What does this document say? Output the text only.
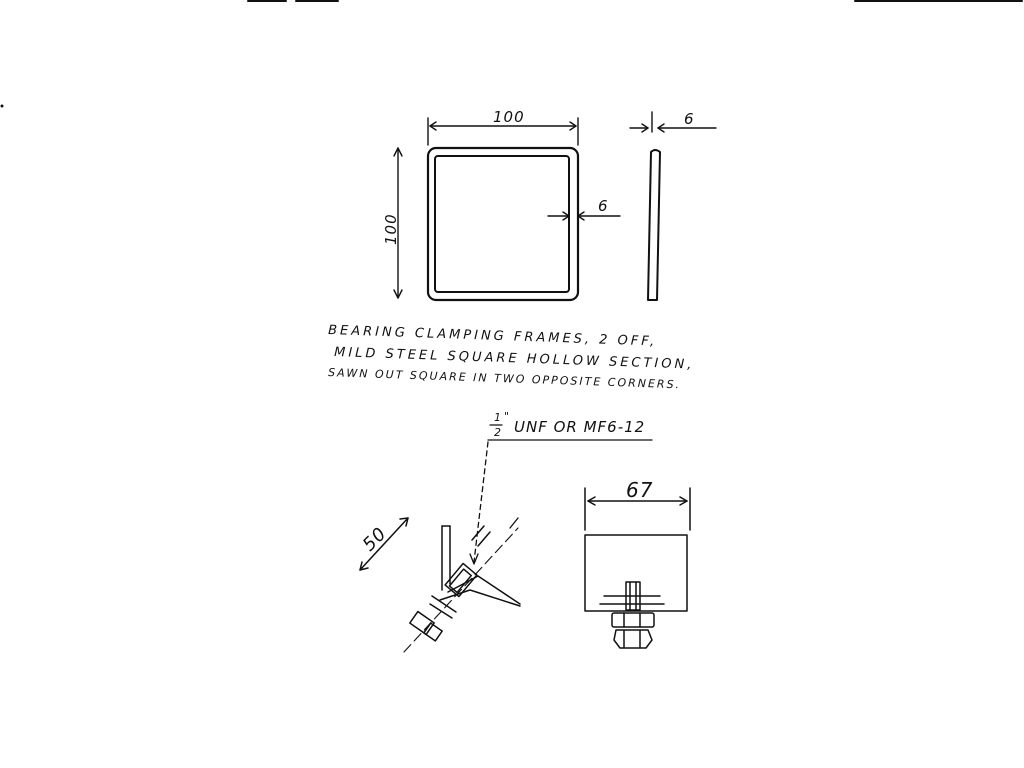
100
100
6
6
BEARING CLAMPING FRAMES, 2 OFF,
MILD STEEL SQUARE HOLLOW SECTION,
SAWN OUT SQUARE IN TWO OPPOSITE CORNERS.
1
2
"
UNF OR MF6-12
50
67
